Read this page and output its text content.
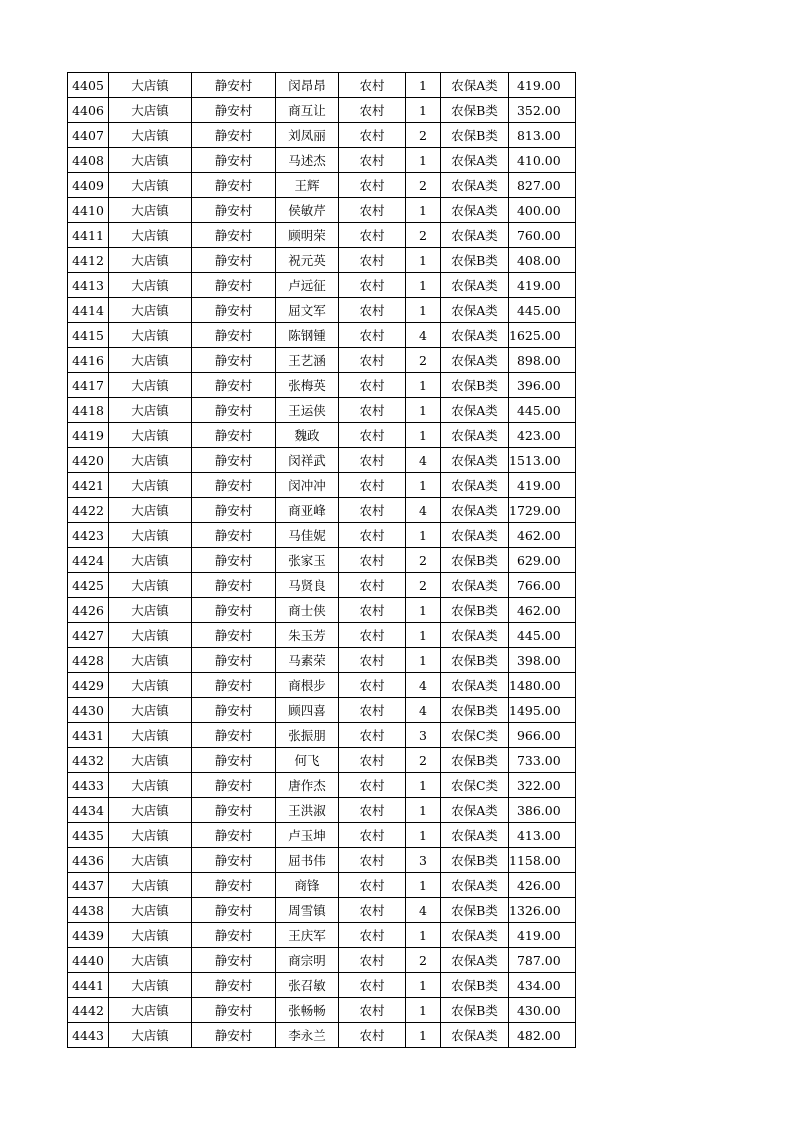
4405	大店镇	静安村	闵昂昂	农村	1	农保A类	419.00
4406	大店镇	静安村	商互让	农村	1	农保B类	352.00
4407	大店镇	静安村	刘凤丽	农村	2	农保B类	813.00
4408	大店镇	静安村	马述杰	农村	1	农保A类	410.00
4409	大店镇	静安村	王辉	农村	2	农保A类	827.00
4410	大店镇	静安村	侯敏芹	农村	1	农保A类	400.00
4411	大店镇	静安村	顾明荣	农村	2	农保A类	760.00
4412	大店镇	静安村	祝元英	农村	1	农保B类	408.00
4413	大店镇	静安村	卢远征	农村	1	农保A类	419.00
4414	大店镇	静安村	屈文军	农村	1	农保A类	445.00
4415	大店镇	静安村	陈钢锺	农村	4	农保A类	1625.00
4416	大店镇	静安村	王艺涵	农村	2	农保A类	898.00
4417	大店镇	静安村	张梅英	农村	1	农保B类	396.00
4418	大店镇	静安村	王运侠	农村	1	农保A类	445.00
4419	大店镇	静安村	魏政	农村	1	农保A类	423.00
4420	大店镇	静安村	闵祥武	农村	4	农保A类	1513.00
4421	大店镇	静安村	闵冲冲	农村	1	农保A类	419.00
4422	大店镇	静安村	商亚峰	农村	4	农保A类	1729.00
4423	大店镇	静安村	马佳妮	农村	1	农保A类	462.00
4424	大店镇	静安村	张家玉	农村	2	农保B类	629.00
4425	大店镇	静安村	马贤良	农村	2	农保A类	766.00
4426	大店镇	静安村	商士侠	农村	1	农保B类	462.00
4427	大店镇	静安村	朱玉芳	农村	1	农保A类	445.00
4428	大店镇	静安村	马素荣	农村	1	农保B类	398.00
4429	大店镇	静安村	商根步	农村	4	农保A类	1480.00
4430	大店镇	静安村	顾四喜	农村	4	农保B类	1495.00
4431	大店镇	静安村	张振朋	农村	3	农保C类	966.00
4432	大店镇	静安村	何飞	农村	2	农保B类	733.00
4433	大店镇	静安村	唐作杰	农村	1	农保C类	322.00
4434	大店镇	静安村	王洪淑	农村	1	农保A类	386.00
4435	大店镇	静安村	卢玉坤	农村	1	农保A类	413.00
4436	大店镇	静安村	屈书伟	农村	3	农保B类	1158.00
4437	大店镇	静安村	商锋	农村	1	农保A类	426.00
4438	大店镇	静安村	周雪镇	农村	4	农保B类	1326.00
4439	大店镇	静安村	王庆军	农村	1	农保A类	419.00
4440	大店镇	静安村	商宗明	农村	2	农保A类	787.00
4441	大店镇	静安村	张召敏	农村	1	农保B类	434.00
4442	大店镇	静安村	张畅畅	农村	1	农保B类	430.00
4443	大店镇	静安村	李永兰	农村	1	农保A类	482.00
